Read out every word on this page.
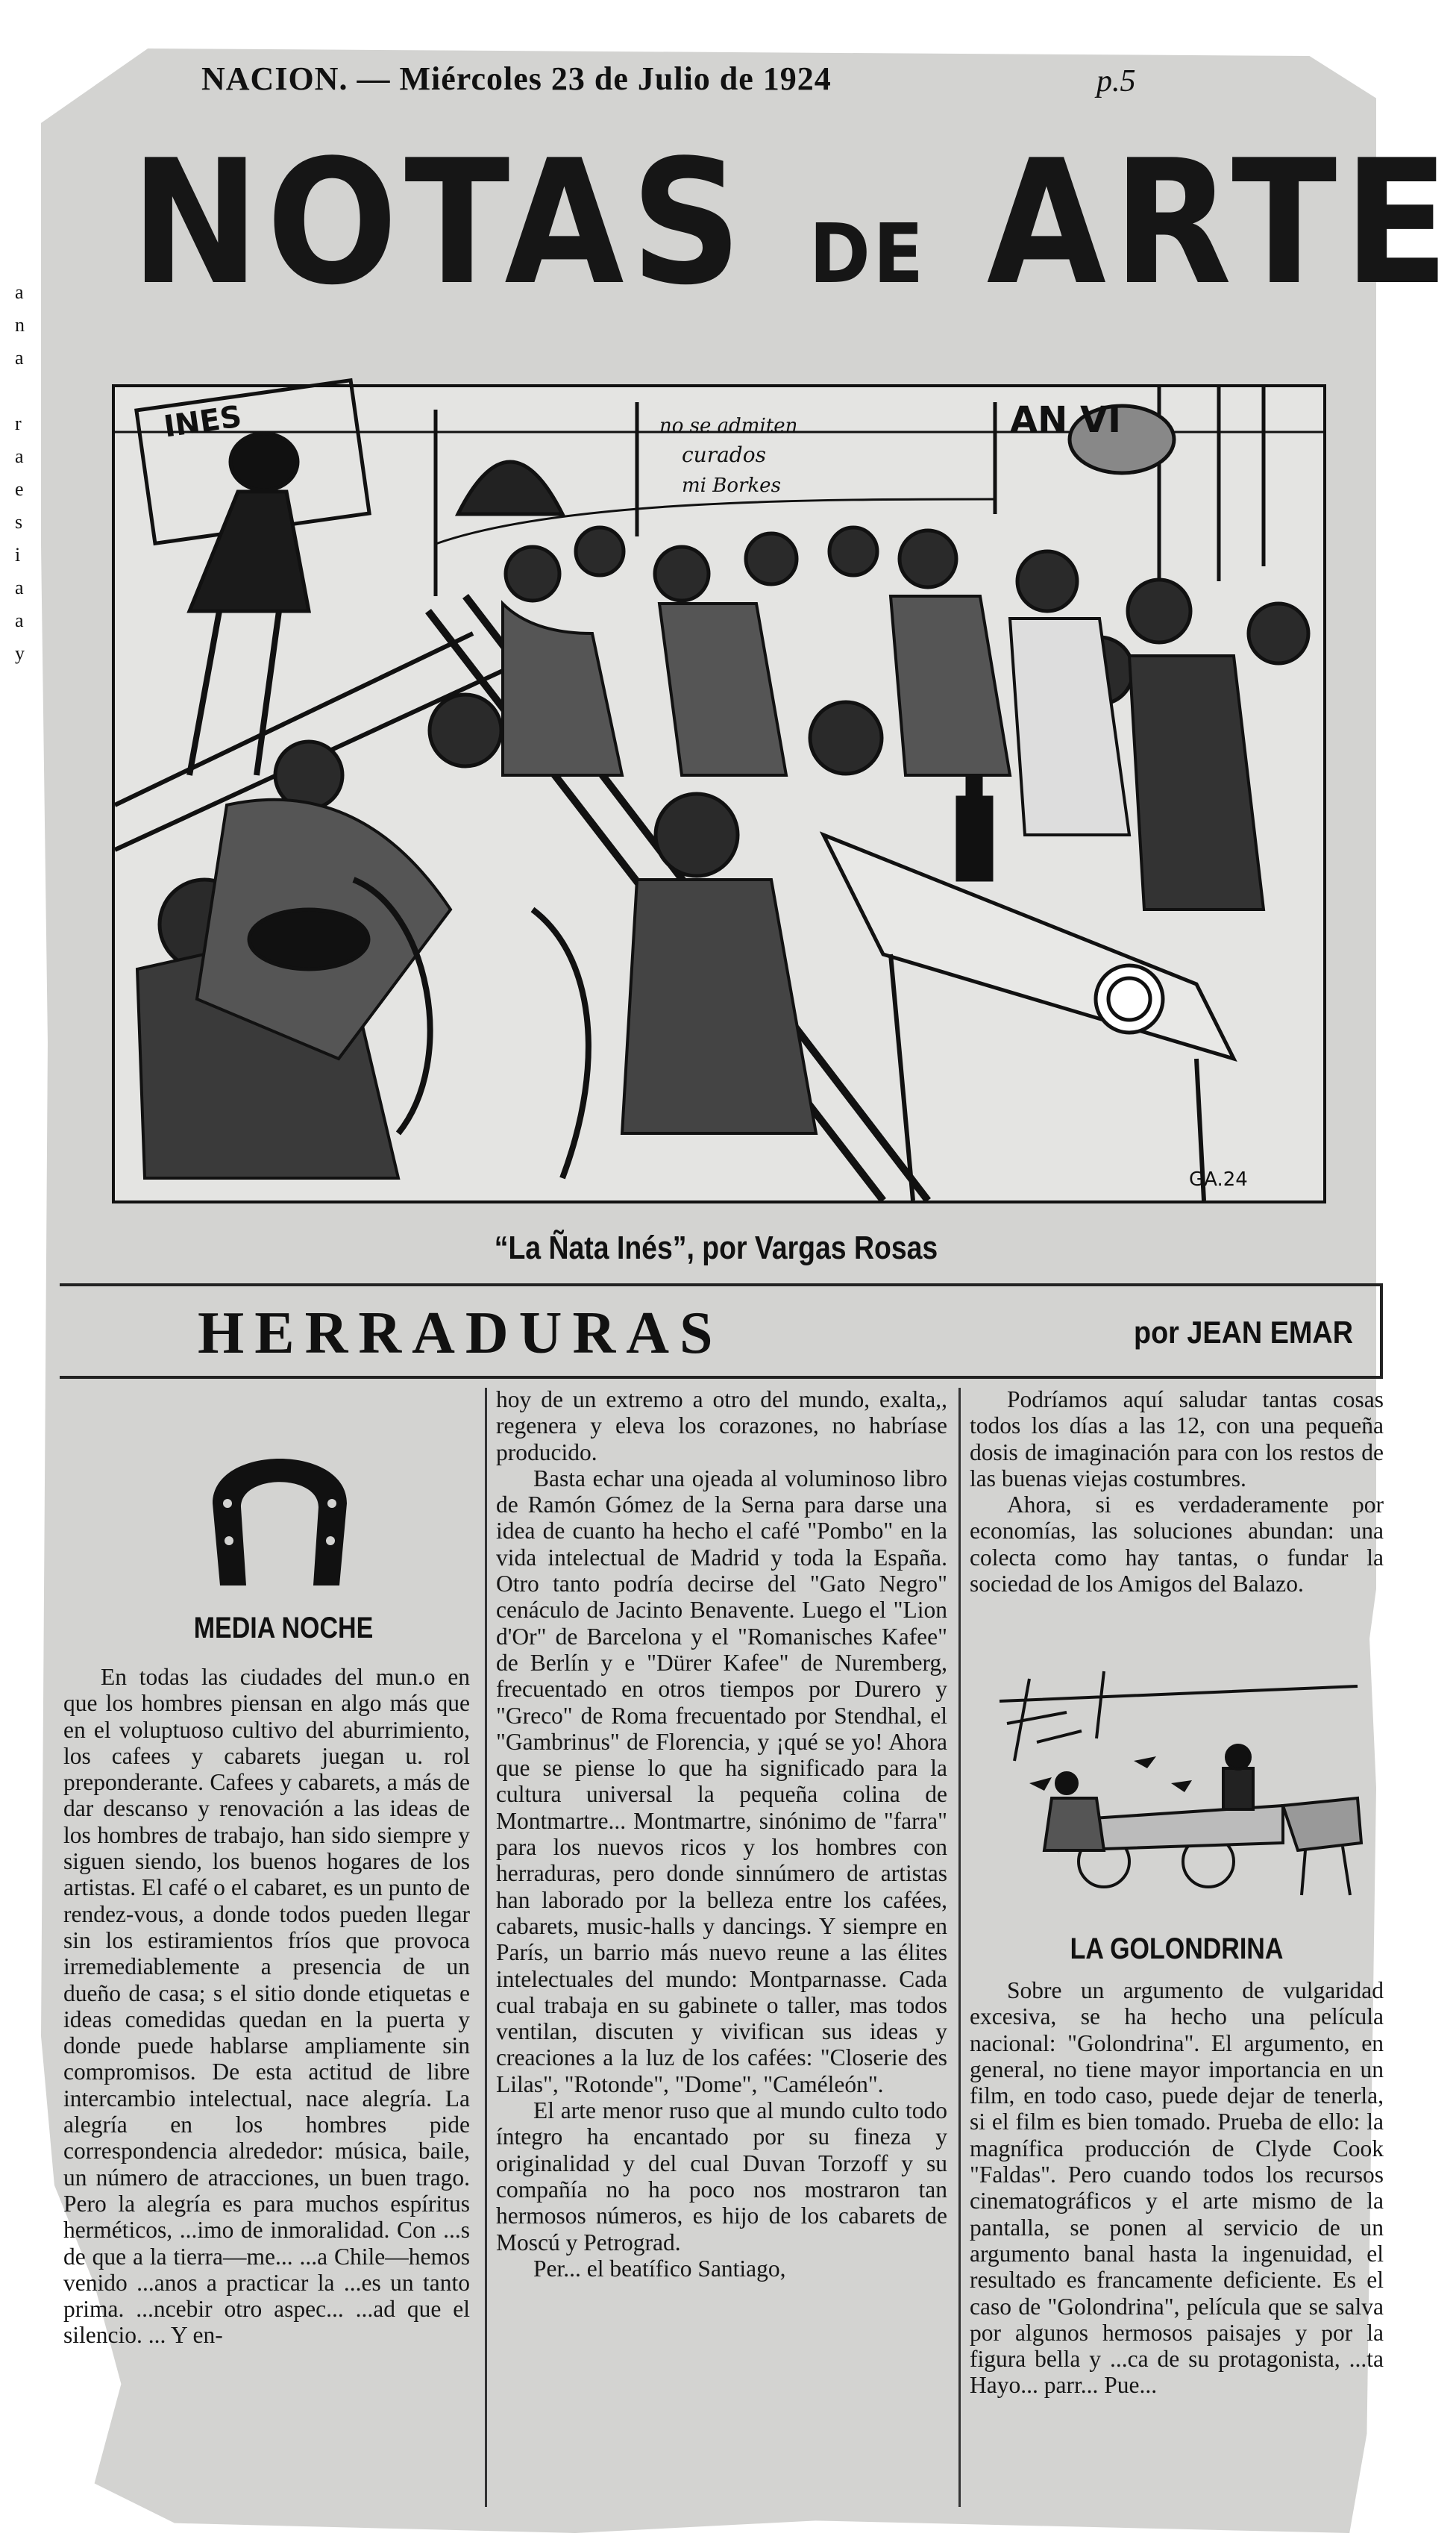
NACION. — Miércoles 23 de Julio de 1924	p.5
NOTAS DE ARTE
a
n
a
r
a
e
s
i
a
a
y
INES	no se admiten
curados
mi Borkes
AN VI
GA.24
“La Ñata Inés”, por Vargas Rosas
HERRADURAS	por JEAN EMAR
MEDIA NOCHE

En todas las ciudades del mun.o en que los hombres piensan en algo más que en el voluptuoso cultivo del aburrimiento, los cafees y cabarets juegan u. rol preponderante. Cafees y cabarets, a más de dar descanso y renovación a las ideas de los hombres de trabajo, han sido siempre y siguen siendo, los buenos hogares de los artistas. El café o el cabaret, es un punto de rendez-vous, a donde todos pueden llegar sin los estiramientos fríos que provoca irremediablemente a presencia de un dueño de casa; s el sitio donde etiquetas e ideas comedidas quedan en la puerta y donde puede hablarse ampliamente sin compromisos. De esta actitud de libre intercambio intelectual, nace alegría. La alegría en los hombres pide correspondencia alrededor: música, baile, un número de atracciones, un buen trago. Pero la alegría es para muchos espíritus herméticos, ...imo de inmoralidad. Con ...s de que a la tierra—me... ...a Chile—hemos venido ...anos a practicar la ...es un tanto prima. ...ncebir otro aspec... ...ad que el silencio. ... Y en-

hoy de un extremo a otro del mundo, exalta,, regenera y eleva los corazones, no habríase producido.

Basta echar una ojeada al voluminoso libro de Ramón Gómez de la Serna para darse una idea de cuanto ha hecho el café "Pombo" en la vida intelectual de Madrid y toda la España. Otro tanto podría decirse del "Gato Negro" cenáculo de Jacinto Benavente. Luego el "Lion d'Or" de Barcelona y el "Romanisches Kafee" de Berlín y e "Dürer Kafee" de Nuremberg, frecuentado en otros tiempos por Durero y "Greco" de Roma frecuentado por Stendhal, el "Gambrinus" de Florencia, y ¡qué se yo! Ahora que se piense lo que ha significado para la cultura universal la pequeña colina de Montmartre... Montmartre, sinónimo de "farra" para los nuevos ricos y los hombres con herraduras, pero donde sinnúmero de artistas han laborado por la belleza entre los cafées, cabarets, music-halls y dancings. Y siempre en París, un barrio más nuevo reune a las élites intelectuales del mundo: Montparnasse. Cada cual trabaja en su gabinete o taller, mas todos ventilan, discuten y vivifican sus ideas y creaciones a la luz de los cafées: "Closerie des Lilas", "Rotonde", "Dome", "Caméleón".

El arte menor ruso que al mundo culto todo íntegro ha encantado por su fineza y originalidad y del cual Duvan Torzoff y su compañía no ha poco nos mostraron tan hermosos números, es hijo de los cabarets de Moscú y Petrograd.

Per... el beatífico Santiago,

Podríamos aquí saludar tantas cosas todos los días a las 12, con una pequeña dosis de imaginación para con los restos de las buenas viejas costumbres.

Ahora, si es verdaderamente por economías, las soluciones abundan: una colecta como hay tantas, o fundar la sociedad de los Amigos del Balazo.

LA GOLONDRINA

Sobre un argumento de vulgaridad excesiva, se ha hecho una película nacional: "Golondrina". El argumento, en general, no tiene mayor importancia en un film, en todo caso, puede dejar de tenerla, si el film es bien tomado. Prueba de ello: la magnífica producción de Clyde Cook "Faldas". Pero cuando todos los recursos cinematográficos y el arte mismo de la pantalla, se ponen al servicio de un argumento banal hasta la ingenuidad, el resultado es francamente deficiente. Es el caso de "Golondrina", película que se salva por algunos hermosos paisajes y por la figura bella y ...ca de su protagonista, ...ta Hayo... parr... Pue...
